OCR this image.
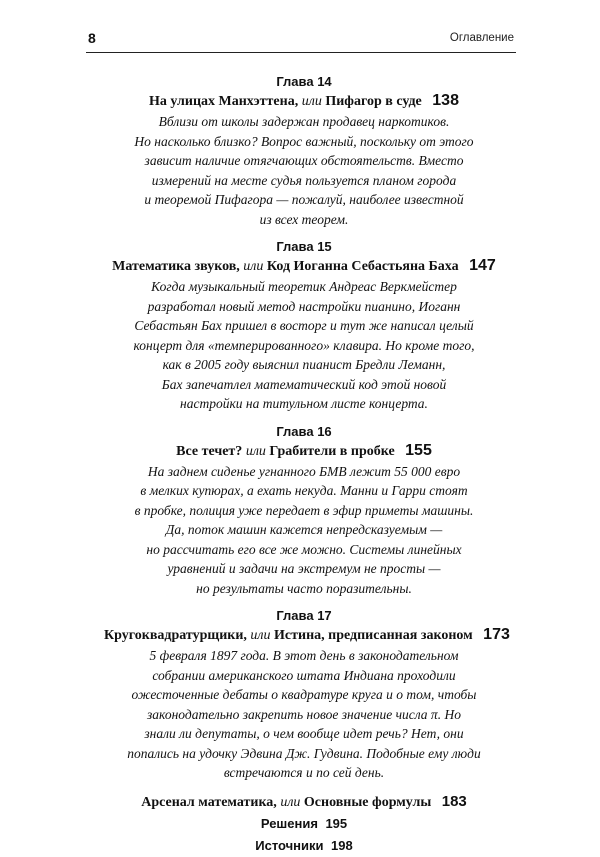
8	Оглавление
Глава 14
На улицах Манхэттена, или Пифагор в суде 138
Вблизи от школы задержан продавец наркотиков.
Но насколько близко? Вопрос важный, поскольку от этого
зависит наличие отягчающих обстоятельств. Вместо
измерений на месте судья пользуется планом города
и теоремой Пифагора — пожалуй, наиболее известной
из всех теорем.
Глава 15
Математика звуков, или Код Иоганна Себастьяна Баха 147
Когда музыкальный теоретик Андреас Веркмейстер
разработал новый метод настройки пианино, Иоганн
Себастьян Бах пришел в восторг и тут же написал целый
концерт для «темперированного» клавира. Но кроме того,
как в 2005 году выяснил пианист Бредли Леманн,
Бах запечатлел математический код этой новой
настройки на титульном листе концерта.
Глава 16
Все течет? или Грабители в пробке 155
На заднем сиденье угнанного БМВ лежит 55 000 евро
в мелких купюрах, а ехать некуда. Манни и Гарри стоят
в пробке, полиция уже передает в эфир приметы машины.
Да, поток машин кажется непредсказуемым —
но рассчитать его все же можно. Системы линейных
уравнений и задачи на экстремум не просты —
но результаты часто поразительны.
Глава 17
Кругоквадратурщики, или Истина, предписанная законом 173
5 февраля 1897 года. В этот день в законодательном
собрании американского штата Индиана проходили
ожесточенные дебаты о квадратуре круга и о том, чтобы
законодательно закрепить новое значение числа π. Но
знали ли депутаты, о чем вообще идет речь? Нет, они
попались на удочку Эдвина Дж. Гудвина. Подобные ему люди
встречаются и по сей день.
Арсенал математика, или Основные формулы 183
Решения 195
Источники 198
